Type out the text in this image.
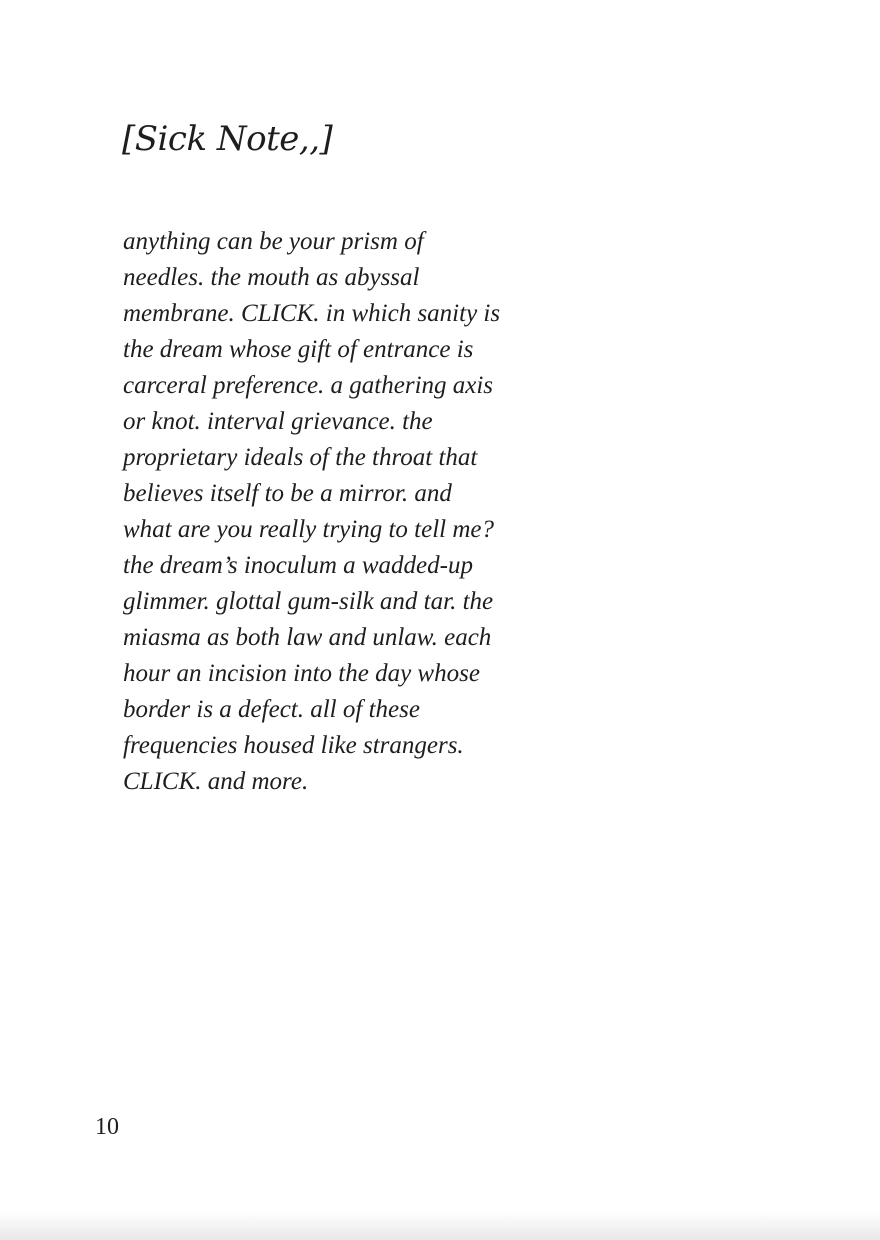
[Sick Note,,]
anything can be your prism of
needles. the mouth as abyssal
membrane. CLICK. in which sanity is
the dream whose gift of entrance is
carceral preference. a gathering axis
or knot. interval grievance. the
proprietary ideals of the throat that
believes itself to be a mirror. and
what are you really trying to tell me?
the dream’s inoculum a wadded-up
glimmer. glottal gum-silk and tar. the
miasma as both law and unlaw. each
hour an incision into the day whose
border is a defect. all of these
frequencies housed like strangers.
CLICK. and more.
10
